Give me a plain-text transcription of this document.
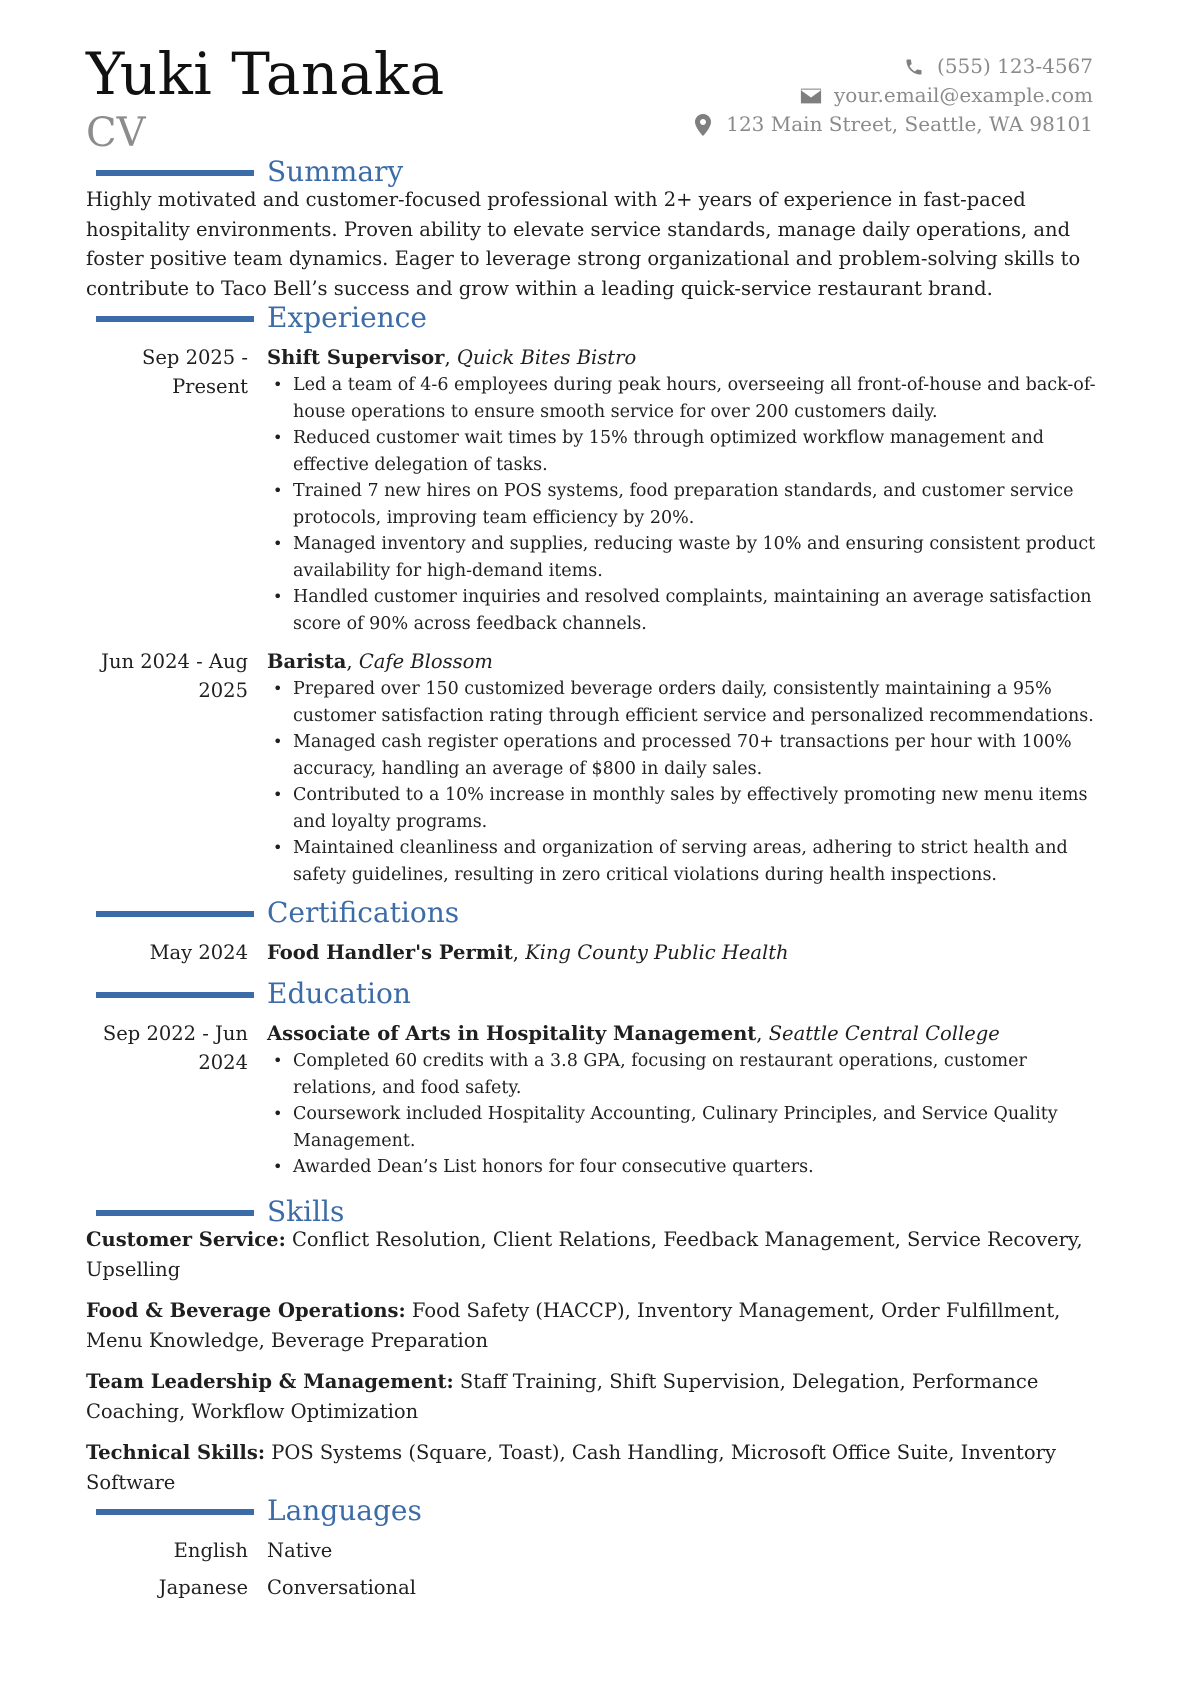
Yuki Tanaka
CV
(555) 123-4567
your.email@example.com
123 Main Street, Seattle, WA 98101
Summary
Highly motivated and customer-focused professional with 2+ years of experience in fast-paced hospitality environments. Proven ability to elevate service standards, manage daily operations, and foster positive team dynamics. Eager to leverage strong organizational and problem-solving skills to contribute to Taco Bell’s success and grow within a leading quick-service restaurant brand.
Experience
Sep 2025 - Present
Shift Supervisor, Quick Bites Bistro
• Led a team of 4-6 employees during peak hours, overseeing all front-of-house and back-of-house operations to ensure smooth service for over 200 customers daily.
• Reduced customer wait times by 15% through optimized workflow management and effective delegation of tasks.
• Trained 7 new hires on POS systems, food preparation standards, and customer service protocols, improving team efficiency by 20%.
• Managed inventory and supplies, reducing waste by 10% and ensuring consistent product availability for high-demand items.
• Handled customer inquiries and resolved complaints, maintaining an average satisfaction score of 90% across feedback channels.
Jun 2024 - Aug 2025
Barista, Cafe Blossom
• Prepared over 150 customized beverage orders daily, consistently maintaining a 95% customer satisfaction rating through efficient service and personalized recommendations.
• Managed cash register operations and processed 70+ transactions per hour with 100% accuracy, handling an average of $800 in daily sales.
• Contributed to a 10% increase in monthly sales by effectively promoting new menu items and loyalty programs.
• Maintained cleanliness and organization of serving areas, adhering to strict health and safety guidelines, resulting in zero critical violations during health inspections.
Certifications
May 2024 Food Handler's Permit, King County Public Health
Education
Sep 2022 - Jun 2024
Associate of Arts in Hospitality Management, Seattle Central College
• Completed 60 credits with a 3.8 GPA, focusing on restaurant operations, customer relations, and food safety.
• Coursework included Hospitality Accounting, Culinary Principles, and Service Quality Management.
• Awarded Dean’s List honors for four consecutive quarters.
Skills
Customer Service: Conflict Resolution, Client Relations, Feedback Management, Service Recovery, Upselling
Food & Beverage Operations: Food Safety (HACCP), Inventory Management, Order Fulfillment, Menu Knowledge, Beverage Preparation
Team Leadership & Management: Staff Training, Shift Supervision, Delegation, Performance Coaching, Workflow Optimization
Technical Skills: POS Systems (Square, Toast), Cash Handling, Microsoft Office Suite, Inventory Software
Languages
English Native
Japanese Conversational
